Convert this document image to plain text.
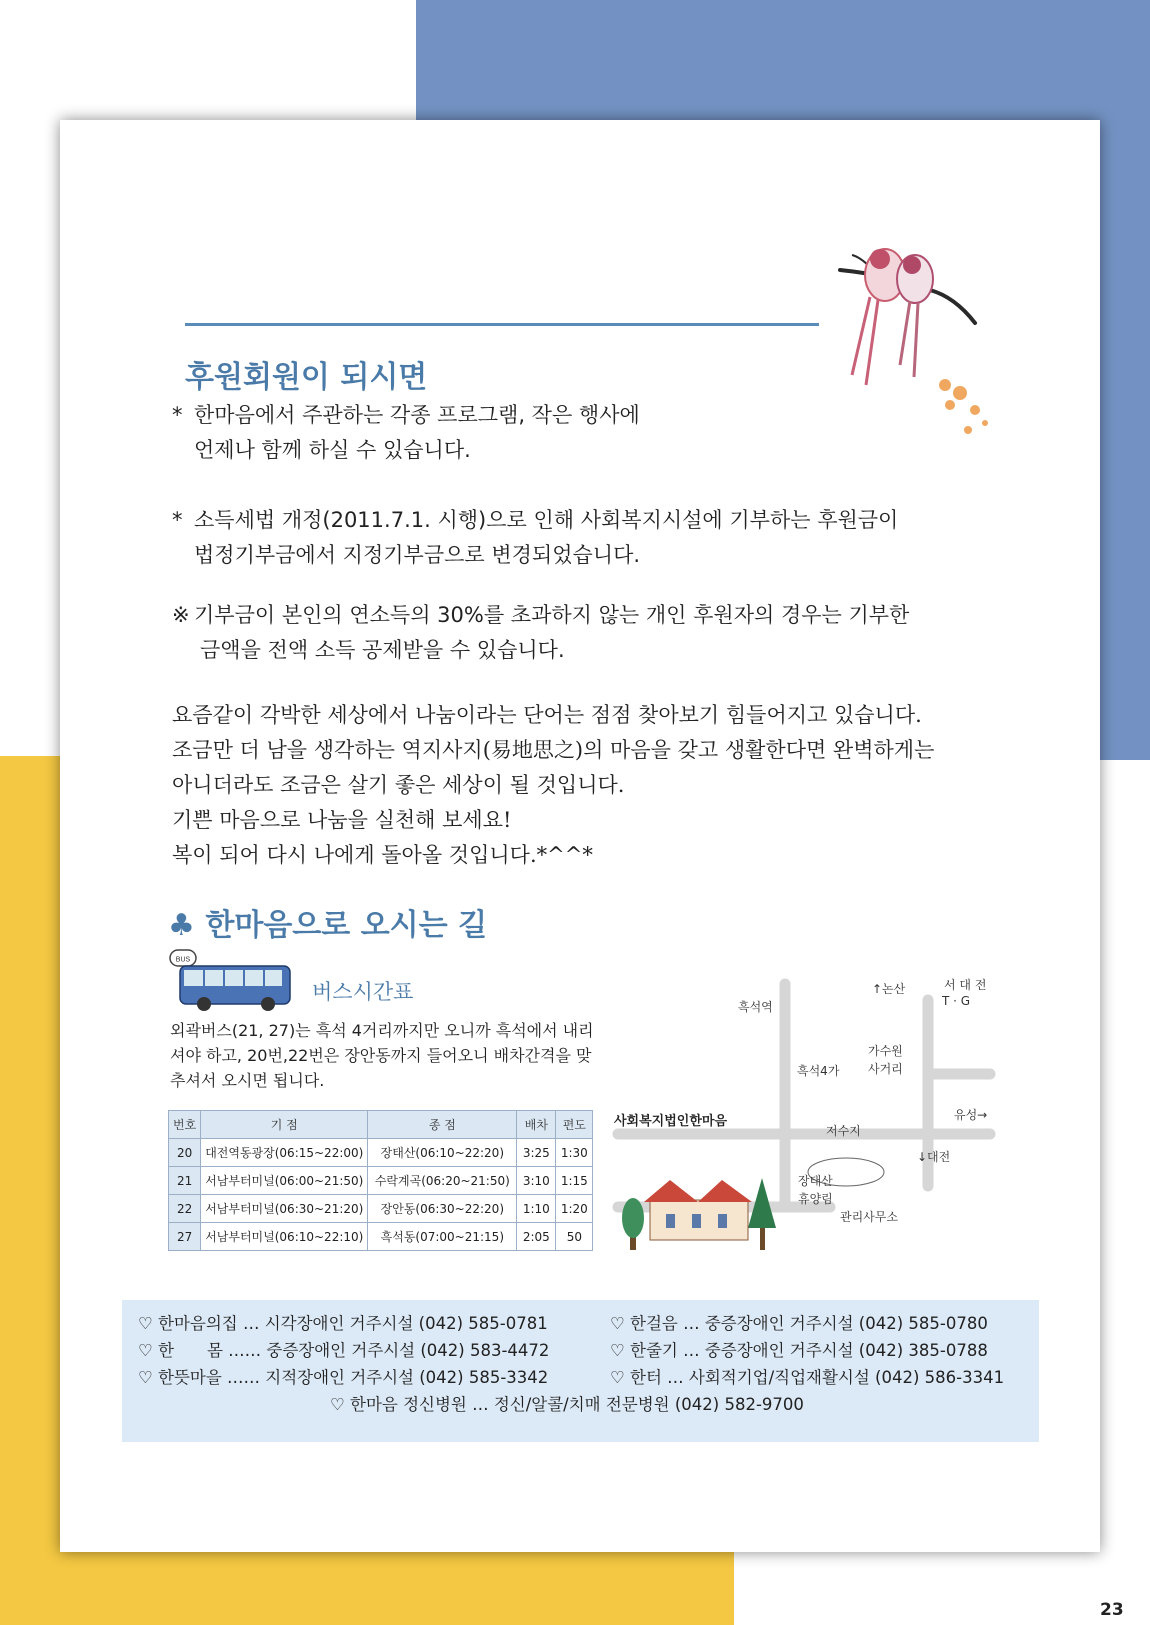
후원회원이 되시면
* 한마음에서 주관하는 각종 프로그램, 작은 행사에
언제나 함께 하실 수 있습니다.
* 소득세법 개정(2011.7.1. 시행)으로 인해 사회복지시설에 기부하는 후원금이
법정기부금에서 지정기부금으로 변경되었습니다.
※ 기부금이 본인의 연소득의 30%를 초과하지 않는 개인 후원자의 경우는 기부한
금액을 전액 소득 공제받을 수 있습니다.
요즘같이 각박한 세상에서 나눔이라는 단어는 점점 찾아보기 힘들어지고 있습니다.
조금만 더 남을 생각하는 역지사지(易地思之)의 마음을 갖고 생활한다면 완벽하게는
아니더라도 조금은 살기 좋은 세상이 될 것입니다.
기쁜 마음으로 나눔을 실천해 보세요!
복이 되어 다시 나에게 돌아올 것입니다.*^^*
♣ 한마음으로 오시는 길
BUS
버스시간표
외곽버스(21, 27)는 흑석 4거리까지만 오니까 흑석에서 내리셔야 하고, 20번,22번은 장안동까지 들어오니 배차간격을 맞추셔서 오시면 됩니다.
번호	기 점	종 점	배차	편도
20	대전역동광장(06:15~22:00)	장태산(06:10~22:20)	3:25	1:30
21	서남부터미널(06:00~21:50)	수락계곡(06:20~21:50)	3:10	1:15
22	서남부터미널(06:30~21:20)	장안동(06:30~22:20)	1:10	1:20
27	서남부터미널(06:10~22:10)	흑석동(07:00~21:15)	2:05	50
흑석역
↑논산	서 대 전
T · G
흑석4가
가수원
사거리
유성→
사회복지법인한마음
저수지
↓대전
장태산
휴양림
관리사무소
♡ 한마음의집 … 시각장애인 거주시설 (042) 585-0781
♡ 한　　몸 …… 중증장애인 거주시설 (042) 583-4472
♡ 한뜻마을 …… 지적장애인 거주시설 (042) 585-3342
♡ 한걸음 … 중증장애인 거주시설 (042) 585-0780
♡ 한줄기 … 중증장애인 거주시설 (042) 385-0788
♡ 한터 … 사회적기업/직업재활시설 (042) 586-3341
♡ 한마음 정신병원 … 정신/알콜/치매 전문병원 (042) 582-9700
23
